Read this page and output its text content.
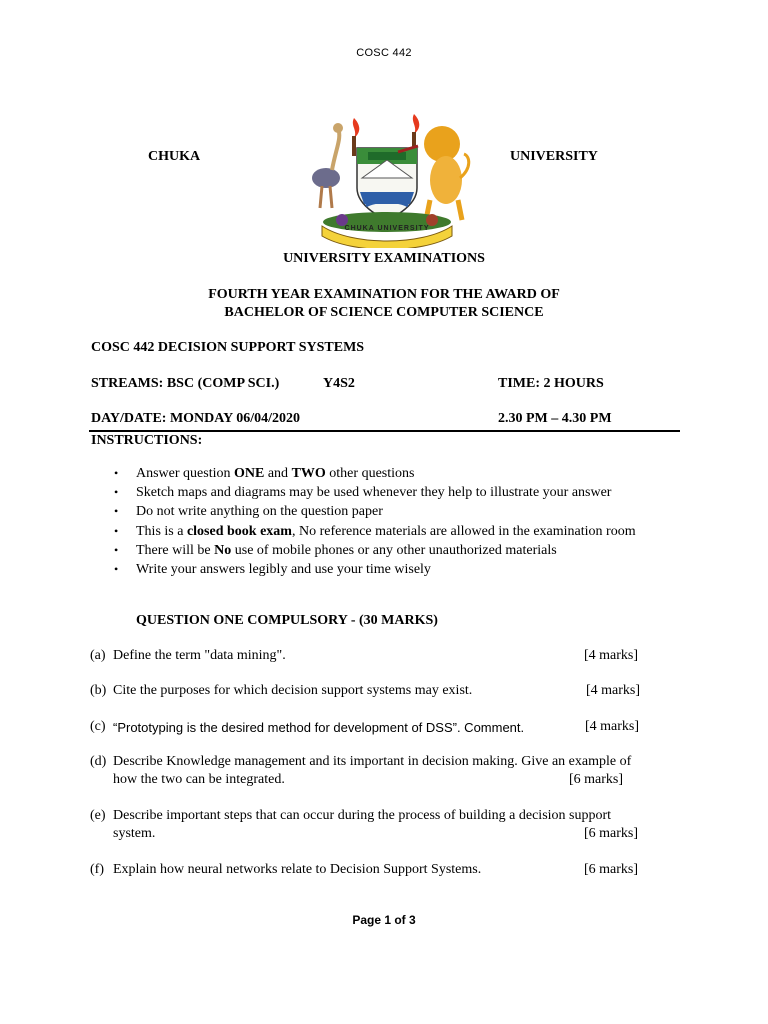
COSC 442
CHUKA	UNIVERSITY
CHUKA UNIVERSITY
UNIVERSITY EXAMINATIONS
FOURTH YEAR EXAMINATION FOR THE AWARD OF
BACHELOR OF SCIENCE COMPUTER SCIENCE
COSC 442 DECISION SUPPORT SYSTEMS
STREAMS: BSC (COMP SCI.)	Y4S2	TIME: 2 HOURS
DAY/DATE: MONDAY 06/04/2020	2.30 PM – 4.30 PM
INSTRUCTIONS:
• Answer question ONE and TWO other questions
• Sketch maps and diagrams may be used whenever they help to illustrate your answer
• Do not write anything on the question paper
• This is a closed book exam, No reference materials are allowed in the examination room
• There will be No use of mobile phones or any other unauthorized materials
• Write your answers legibly and use your time wisely
QUESTION ONE COMPULSORY - (30 MARKS)
(a) Define the term "data mining".	[4 marks]
(b) Cite the purposes for which decision support systems may exist.	[4 marks]
(c) “Prototyping is the desired method for development of DSS”. Comment.	[4 marks]
(d) Describe Knowledge management and its important in decision making. Give an example of
how the two can be integrated.	[6 marks]
(e) Describe important steps that can occur during the process of building a decision support
system.	[6 marks]
(f) Explain how neural networks relate to Decision Support Systems.	[6 marks]
Page 1 of 3
